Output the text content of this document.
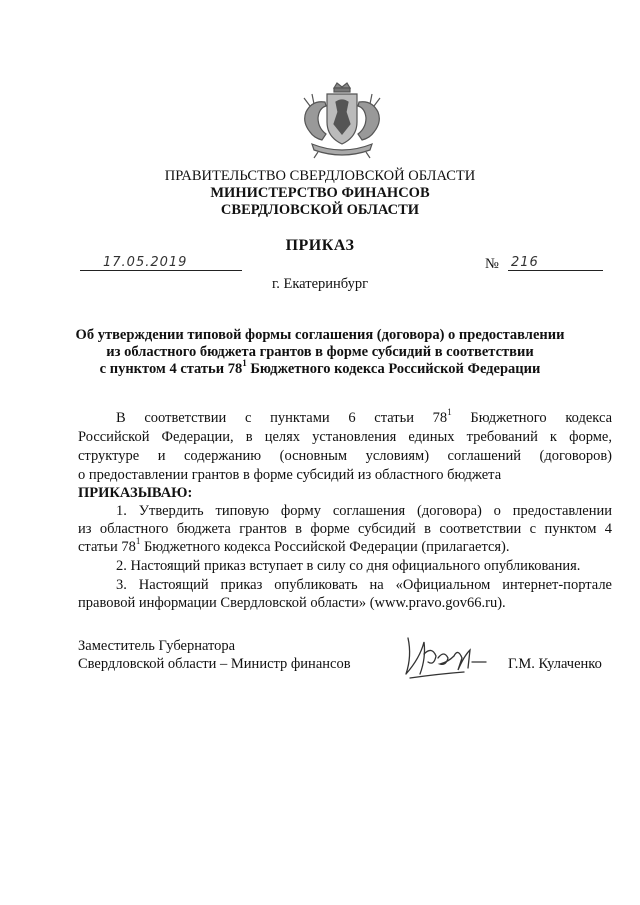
ПРАВИТЕЛЬСТВО СВЕРДЛОВСКОЙ ОБЛАСТИ
МИНИСТЕРСТВО ФИНАНСОВ
СВЕРДЛОВСКОЙ ОБЛАСТИ
ПРИКАЗ
17.05.2019	№ 216
г. Екатеринбург
Об утверждении типовой формы соглашения (договора) о предоставлении
из областного бюджета грантов в форме субсидий в соответствии
с пунктом 4 статьи $78^1$ Бюджетного кодекса Российской Федерации
В соответствии с пунктами 6 статьи $78^1$ Бюджетного кодекса
Российской Федерации, в целях установления единых требований к форме,
структуре и содержанию (основным условиям) соглашений (договоров)
о предоставлении грантов в форме субсидий из областного бюджета
ПРИКАЗЫВАЮ:
1. Утвердить типовую форму соглашения (договора) о предоставлении
из областного бюджета грантов в форме субсидий в соответствии с пунктом 4
статьи $78^1$ Бюджетного кодекса Российской Федерации (прилагается).
2. Настоящий приказ вступает в силу со дня официального опубликования.
3. Настоящий приказ опубликовать на «Официальном интернет-портале
правовой информации Свердловской области» (www.pravo.gov66.ru).
Заместитель Губернатора
Свердловской области – Министр финансов	Г.М. Кулаченко
